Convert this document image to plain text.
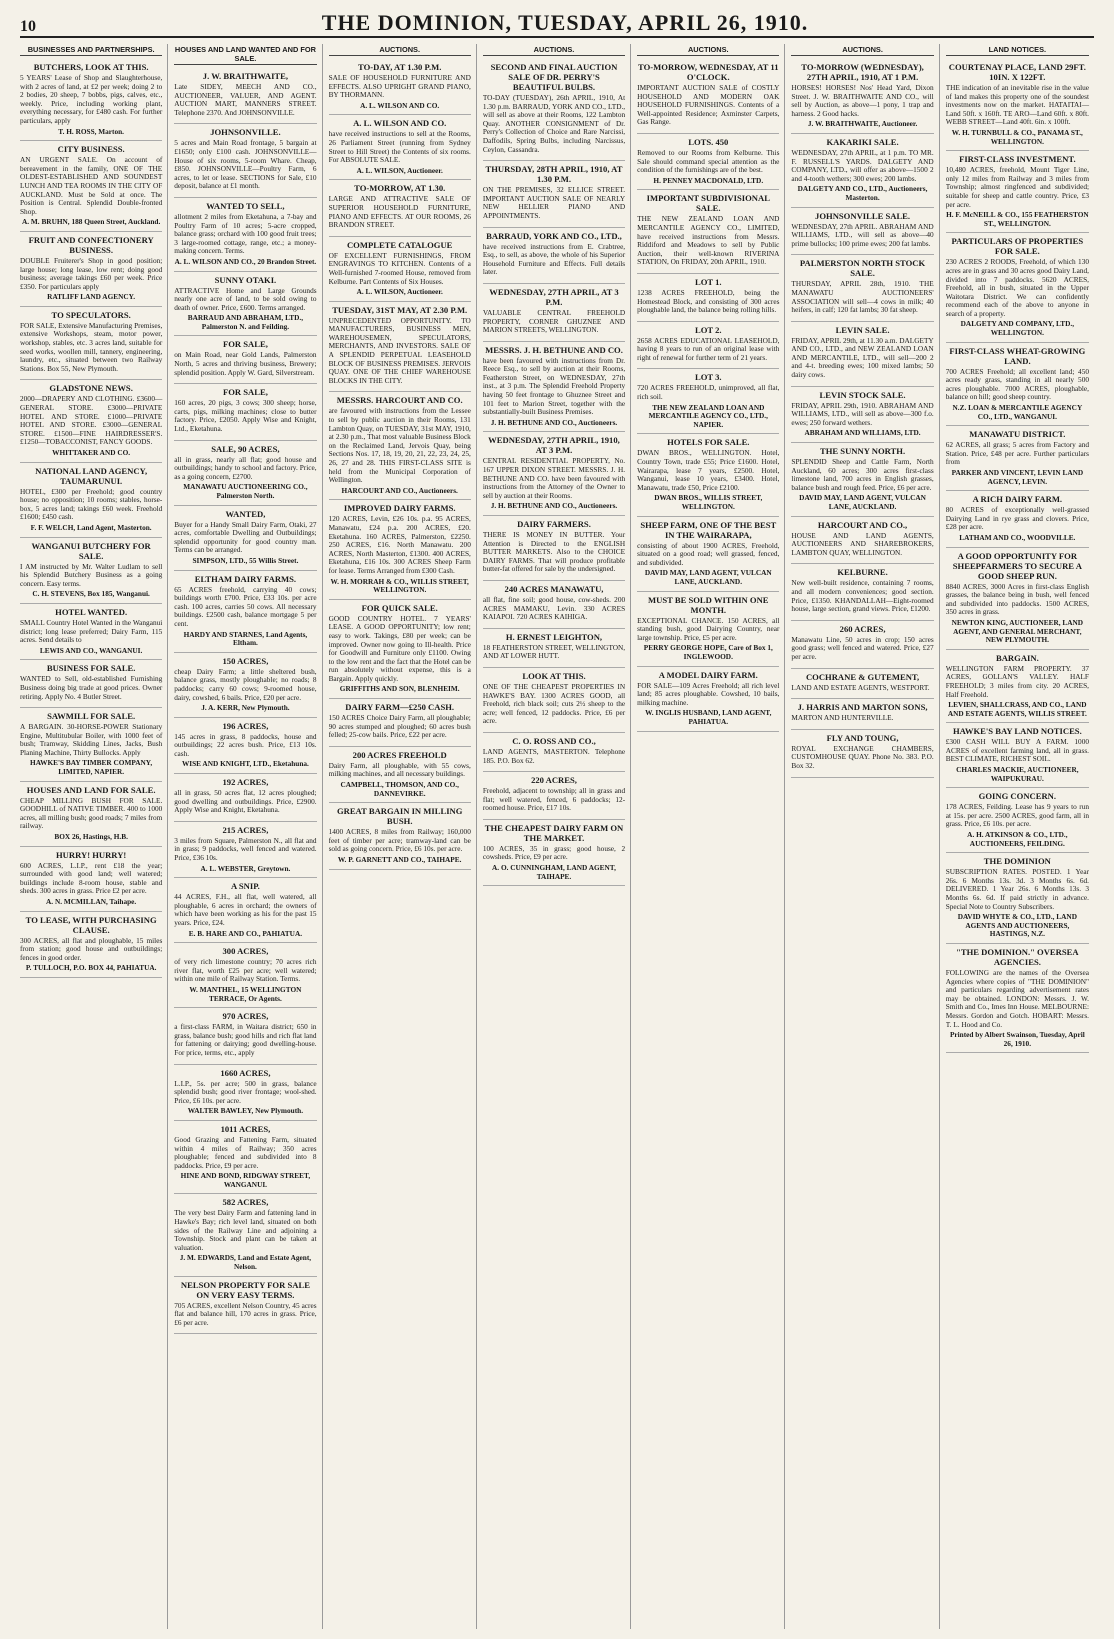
10	THE DOMINION, TUESDAY, APRIL 26, 1910.
BUSINESSES AND PARTNERSHIPS.
BUTCHERS, LOOK AT THIS.

5 YEARS' Lease of Shop and Slaughterhouse, with 2 acres of land, at £2 per week; doing 2 to 2 bodies, 20 sheep, 7 bobbs, pigs, calves, etc., weekly. Price, including working plant, everything necessary, for £480 cash. For further particulars, apply

T. H. ROSS, Marton.
CITY BUSINESS.

AN URGENT SALE. On account of bereavement in the family, ONE OF THE OLDEST-ESTABLISHED AND SOUNDEST LUNCH AND TEA ROOMS IN THE CITY OF AUCKLAND. Must be Sold at once. The Position is Central. Splendid Double-fronted Shop.

A. M. BRUHN, 188 Queen Street, Auckland.
FRUIT AND CONFECTIONERY BUSINESS.

DOUBLE Fruiterer's Shop in good position; large house; long lease, low rent; doing good business; average takings £60 per week. Price £350. For particulars apply

RATLIFF LAND AGENCY.
TO SPECULATORS.

FOR SALE, Extensive Manufacturing Premises, extensive Workshops, steam, motor power, workshop, stables, etc. 3 acres land, suitable for seed works, woollen mill, tannery, engineering, laundry, etc., situated between two Railway Stations. Box 55, New Plymouth.

GLADSTONE NEWS.

2000—DRAPERY AND CLOTHING. £3600—GENERAL STORE. £3000—PRIVATE HOTEL AND STORE. £1000—PRIVATE HOTEL AND STORE. £3000—GENERAL STORE. £1500—FINE HAIRDRESSER'S. £1250—TOBACCONIST, FANCY GOODS.

WHITTAKER AND CO.
NATIONAL LAND AGENCY, TAUMARUNUI.

HOTEL, £300 per Freehold; good country house; no opposition; 10 rooms; stables, horse-box, 5 acres land; takings £60 week. Freehold £1600; £450 cash.

F. F. WELCH, Land Agent, Masterton.
WANGANUI BUTCHERY FOR SALE.

I AM instructed by Mr. Walter Ludlam to sell his Splendid Butchery Business as a going concern. Easy terms.

C. H. STEVENS, Box 185, Wanganui.
HOTEL WANTED.

SMALL Country Hotel Wanted in the Wanganui district; long lease preferred; Dairy Farm, 115 acres. Send details to

LEWIS AND CO., WANGANUI.
BUSINESS FOR SALE.

WANTED to Sell, old-established Furnishing Business doing big trade at good prices. Owner retiring. Apply No. 4 Butler Street.

SAWMILL FOR SALE.

A BARGAIN. 30-HORSE-POWER Stationary Engine, Multitubular Boiler, with 1000 feet of bush; Tramway, Skidding Lines, Jacks, Bush Planing Machine, Thirty Bullocks. Apply

HAWKE'S BAY TIMBER COMPANY, LIMITED, NAPIER.
HOUSES AND LAND FOR SALE.

CHEAP MILLING BUSH FOR SALE. GOODHILL of NATIVE TIMBER. 400 to 1000 acres, all milling bush; good roads; 7 miles from railway.

BOX 26, Hastings, H.B.
HURRY! HURRY!

600 ACRES, L.I.P., rent £18 the year; surrounded with good land; well watered; buildings include 8-room house, stable and sheds. 300 acres in grass. Price £2 per acre.

A. N. MCMILLAN, Taihape.
TO LEASE, WITH PURCHASING CLAUSE.

300 ACRES, all flat and ploughable, 15 miles from station; good house and outbuildings; fences in good order.

P. TULLOCH, P.O. BOX 44, PAHIATUA.
HOUSES AND LAND WANTED AND FOR SALE.
J. W. BRAITHWAITE,

Late SIDEY, MEECH AND CO., AUCTIONEER, VALUER, AND AGENT. AUCTION MART, MANNERS STREET. Telephone 2370. And JOHNSONVILLE.

JOHNSONVILLE.

5 acres and Main Road frontage, 5 bargain at £1650; only £100 cash. JOHNSONVILLE—House of six rooms, 5-room Whare. Cheap, £850. JOHNSONVILLE—Poultry Farm, 6 acres, to let or lease. SECTIONS for Sale, £10 deposit, balance at £1 month.

WANTED TO SELL,

allotment 2 miles from Eketahuna, a 7-bay and Poultry Farm of 10 acres; 5-acre cropped, balance grass; orchard with 100 good fruit trees; 3 large-roomed cottage, range, etc.; a money-making concern. Terms.

A. L. WILSON AND CO., 20 Brandon Street.
SUNNY OTAKI.

ATTRACTIVE Home and Large Grounds nearly one acre of land, to be sold owing to death of owner. Price, £600. Terms arranged.

BARRAUD AND ABRAHAM, LTD., Palmerston N. and Feilding.
FOR SALE,

on Main Road, near Gold Lands, Palmerston North, 5 acres and thriving business, Brewery; splendid position. Apply W. Gard, Silverstream.

FOR SALE,

160 acres, 20 pigs, 3 cows; 300 sheep; horse, carts, pigs, milking machines; close to butter factory. Price, £2050. Apply Wise and Knight, Ltd., Eketahuna.

SALE, 90 ACRES,

all in grass, nearly all flat; good house and outbuildings; handy to school and factory. Price, as a going concern, £2700.

MANAWATU AUCTIONEERING CO., Palmerston North.
WANTED,

Buyer for a Handy Small Dairy Farm, Otaki, 27 acres, comfortable Dwelling and Outbuildings; splendid opportunity for good country man. Terms can be arranged.

SIMPSON, LTD., 55 Willis Street.
ELTHAM DAIRY FARMS.

65 ACRES freehold, carrying 40 cows; buildings worth £700. Price, £33 10s. per acre cash. 100 acres, carries 50 cows. All necessary buildings. £2500 cash, balance mortgage 5 per cent.

HARDY AND STARNES, Land Agents, Eltham.
150 ACRES,

cheap Dairy Farm; a little sheltered bush, balance grass, mostly ploughable; no roads; 8 paddocks; carry 60 cows; 9-roomed house, dairy, cowshed, 6 bails. Price, £20 per acre.

J. A. KERR, New Plymouth.
196 ACRES,

145 acres in grass, 8 paddocks, house and outbuildings; 22 acres bush. Price, £13 10s. cash.

WISE AND KNIGHT, LTD., Eketahuna.
192 ACRES,

all in grass, 50 acres flat, 12 acres ploughed; good dwelling and outbuildings. Price, £2900. Apply Wise and Knight, Eketahuna.

215 ACRES,

3 miles from Square, Palmerston N., all flat and in grass; 9 paddocks, well fenced and watered. Price, £36 10s.

A. L. WEBSTER, Greytown.
A SNIP.

44 ACRES, F.H., all flat, well watered, all ploughable, 6 acres in orchard; the owners of which have been working as his for the past 15 years. Price, £24.

E. B. HARE AND CO., PAHIATUA.
300 ACRES,

of very rich limestone country; 70 acres rich river flat, worth £25 per acre; well watered; within one mile of Railway Station. Terms.

W. MANTHEL, 15 WELLINGTON TERRACE, Or Agents.
970 ACRES,

a first-class FARM, in Waitara district; 650 in grass, balance bush; good hills and rich flat land for fattening or dairying; good dwelling-house. For price, terms, etc., apply

1660 ACRES,

L.I.P., 5s. per acre; 500 in grass, balance splendid bush; good river frontage; wool-shed. Price, £6 10s. per acre.

WALTER BAWLEY, New Plymouth.
1011 ACRES,

Good Grazing and Fattening Farm, situated within 4 miles of Railway; 350 acres ploughable; fenced and subdivided into 8 paddocks. Price, £9 per acre.

HINE AND BOND, RIDGWAY STREET, WANGANUI.
582 ACRES,

The very best Dairy Farm and fattening land in Hawke's Bay; rich level land, situated on both sides of the Railway Line and adjoining a Township. Stock and plant can be taken at valuation.

J. M. EDWARDS, Land and Estate Agent, Nelson.
NELSON PROPERTY FOR SALE ON VERY EASY TERMS.

705 ACRES, excellent Nelson Country, 45 acres flat and balance hill, 170 acres in grass. Price, £6 per acre.

AUCTIONS.
TO-DAY, AT 1.30 P.M.

SALE OF HOUSEHOLD FURNITURE AND EFFECTS. ALSO UPRIGHT GRAND PIANO, BY THORMANN.

A. L. WILSON AND CO.
A. L. WILSON AND CO.

have received instructions to sell at the Rooms, 26 Parliament Street (running from Sydney Street to Hill Street) the Contents of six rooms. For ABSOLUTE SALE.

A. L. WILSON, Auctioneer.
TO-MORROW, AT 1.30.

LARGE AND ATTRACTIVE SALE OF SUPERIOR HOUSEHOLD FURNITURE, PIANO AND EFFECTS. AT OUR ROOMS, 26 BRANDON STREET.

COMPLETE CATALOGUE

OF EXCELLENT FURNISHINGS, FROM ENGRAVINGS TO KITCHEN. Contents of a Well-furnished 7-roomed House, removed from Kelburne. Part Contents of Six Houses.

A. L. WILSON, Auctioneer.
TUESDAY, 31ST MAY, AT 2.30 P.M.

UNPRECEDENTED OPPORTUNITY. TO MANUFACTURERS, BUSINESS MEN, WAREHOUSEMEN, SPECULATORS, MERCHANTS, AND INVESTORS. SALE OF A SPLENDID PERPETUAL LEASEHOLD BLOCK OF BUSINESS PREMISES. JERVOIS QUAY. ONE OF THE CHIEF WAREHOUSE BLOCKS IN THE CITY.

MESSRS. HARCOURT AND CO.

are favoured with instructions from the Lessee to sell by public auction in their Rooms, 131 Lambton Quay, on TUESDAY, 31st MAY, 1910, at 2.30 p.m., That most valuable Business Block on the Reclaimed Land, Jervois Quay, being Sections Nos. 17, 18, 19, 20, 21, 22, 23, 24, 25, 26, 27 and 28. THIS FIRST-CLASS SITE is held from the Municipal Corporation of Wellington.

HARCOURT AND CO., Auctioneers.
IMPROVED DAIRY FARMS.

120 ACRES, Levin, £26 10s. p.a. 95 ACRES, Manawatu, £24 p.a. 200 ACRES, £20. Eketahuna. 160 ACRES, Palmerston, £2250. 250 ACRES, £16. North Manawatu. 200 ACRES, North Masterton, £1300. 400 ACRES, Eketahuna, £16 10s. 300 ACRES Sheep Farm for lease. Terms Arranged from £300 Cash.

W. H. MORRAH & CO., WILLIS STREET, WELLINGTON.
FOR QUICK SALE.

GOOD COUNTRY HOTEL. 7 YEARS' LEASE. A GOOD OPPORTUNITY; low rent; easy to work. Takings, £80 per week; can be improved. Owner now going to Ill-health. Price for Goodwill and Furniture only £1100. Owing to the low rent and the fact that the Hotel can be run absolutely without expense, this is a Bargain. Apply quickly.

GRIFFITHS AND SON, BLENHEIM.
DAIRY FARM—£250 CASH.

150 ACRES Choice Dairy Farm, all ploughable; 90 acres stumped and ploughed; 60 acres bush felled; 25-cow bails. Price, £22 per acre.

200 ACRES FREEHOLD

Dairy Farm, all ploughable, with 55 cows, milking machines, and all necessary buildings.

CAMPBELL, THOMSON, AND CO., DANNEVIRKE.
GREAT BARGAIN IN MILLING BUSH.

1400 ACRES, 8 miles from Railway; 160,000 feet of timber per acre; tramway-land can be sold as going concern. Price, £6 10s. per acre.

W. P. GARNETT AND CO., TAIHAPE.
AUCTIONS.
SECOND AND FINAL AUCTION SALE OF DR. PERRY'S BEAUTIFUL BULBS.

TO-DAY (TUESDAY), 26th APRIL, 1910, At 1.30 p.m. BARRAUD, YORK AND CO., LTD., will sell as above at their Rooms, 122 Lambton Quay. ANOTHER CONSIGNMENT of Dr. Perry's Collection of Choice and Rare Narcissi, Daffodils, Spring Bulbs, including Narcissus, Ceylon, Cassandra.

THURSDAY, 28TH APRIL, 1910, AT 1.30 P.M.

ON THE PREMISES, 32 ELLICE STREET. IMPORTANT AUCTION SALE OF NEARLY NEW HELLIER PIANO AND APPOINTMENTS.

BARRAUD, YORK AND CO., LTD.,

have received instructions from E. Crabtree, Esq., to sell, as above, the whole of his Superior Household Furniture and Effects. Full details later.

WEDNESDAY, 27TH APRIL, AT 3 P.M.

VALUABLE CENTRAL FREEHOLD PROPERTY, CORNER GHUZNEE AND MARION STREETS, WELLINGTON.

MESSRS. J. H. BETHUNE AND CO.

have been favoured with instructions from Dr. Reece Esq., to sell by auction at their Rooms, Featherston Street, on WEDNESDAY, 27th inst., at 3 p.m. The Splendid Freehold Property having 50 feet frontage to Ghuznee Street and 101 feet to Marion Street, together with the substantially-built Business Premises.

J. H. BETHUNE AND CO., Auctioneers.
WEDNESDAY, 27TH APRIL, 1910, AT 3 P.M.

CENTRAL RESIDENTIAL PROPERTY, No. 167 UPPER DIXON STREET. MESSRS. J. H. BETHUNE AND CO. have been favoured with instructions from the Attorney of the Owner to sell by auction at their Rooms.

J. H. BETHUNE AND CO., Auctioneers.
DAIRY FARMERS.

THERE IS MONEY IN BUTTER. Your Attention is Directed to the ENGLISH BUTTER MARKETS. Also to the CHOICE DAIRY FARMS. That will produce profitable butter-fat offered for sale by the undersigned.

240 ACRES MANAWATU,

all flat, fine soil; good house, cow-sheds. 200 ACRES MAMAKU, Levin. 330 ACRES KAIAPOI. 720 ACRES KAIHIGA.

H. ERNEST LEIGHTON,

18 FEATHERSTON STREET, WELLINGTON, AND AT LOWER HUTT.

LOOK AT THIS.

ONE OF THE CHEAPEST PROPERTIES IN HAWKE'S BAY. 1300 ACRES GOOD, all Freehold, rich black soil; cuts 2½ sheep to the acre; well fenced, 12 paddocks. Price, £6 per acre.

C. O. ROSS AND CO.,

LAND AGENTS, MASTERTON. Telephone 185. P.O. Box 62.

220 ACRES,

Freehold, adjacent to township; all in grass and flat; well watered, fenced, 6 paddocks; 12-roomed house. Price, £17 10s.

THE CHEAPEST DAIRY FARM ON THE MARKET.

100 ACRES, 35 in grass; good house, 2 cowsheds. Price, £9 per acre.

A. O. CUNNINGHAM, LAND AGENT, TAIHAPE.
AUCTIONS.
TO-MORROW, WEDNESDAY, AT 11 O'CLOCK.

IMPORTANT AUCTION SALE of COSTLY HOUSEHOLD AND MODERN OAK HOUSEHOLD FURNISHINGS. Contents of a Well-appointed Residence; Axminster Carpets, Gas Range.

LOTS. 450

Removed to our Rooms from Kelburne. This Sale should command special attention as the condition of the furnishings are of the best.

H. PENNEY MACDONALD, LTD.
IMPORTANT SUBDIVISIONAL SALE.

THE NEW ZEALAND LOAN AND MERCANTILE AGENCY CO., LIMITED, have received instructions from Messrs. Riddiford and Meadows to sell by Public Auction, their well-known RIVERINA STATION, On FRIDAY, 20th APRIL, 1910.

LOT 1.

1238 ACRES FREEHOLD, being the Homestead Block, and consisting of 300 acres ploughable land, the balance being rolling hills.

LOT 2.

2658 ACRES EDUCATIONAL LEASEHOLD, having 8 years to run of an original lease with right of renewal for further term of 21 years.

LOT 3.

720 ACRES FREEHOLD, unimproved, all flat, rich soil.

THE NEW ZEALAND LOAN AND MERCANTILE AGENCY CO., LTD., NAPIER.
HOTELS FOR SALE.

DWAN BROS., WELLINGTON. Hotel, Country Town, trade £55; Price £1600. Hotel, Wairarapa, lease 7 years, £2500. Hotel, Wanganui, lease 10 years, £3400. Hotel, Manawatu, trade £50, Price £2100.

DWAN BROS., WILLIS STREET, WELLINGTON.
SHEEP FARM, ONE OF THE BEST IN THE WAIRARAPA,

consisting of about 1900 ACRES, Freehold, situated on a good road; well grassed, fenced, and subdivided.

DAVID MAY, LAND AGENT, VULCAN LANE, AUCKLAND.
MUST BE SOLD WITHIN ONE MONTH.

EXCEPTIONAL CHANCE. 150 ACRES, all standing bush, good Dairying Country, near large township. Price, £5 per acre.

PERRY GEORGE HOPE, Care of Box 1, INGLEWOOD.
A MODEL DAIRY FARM.

FOR SALE—109 Acres Freehold; all rich level land; 85 acres ploughable. Cowshed, 10 bails, milking machine.

W. INGLIS HUSBAND, LAND AGENT, PAHIATUA.
AUCTIONS.
TO-MORROW (WEDNESDAY), 27TH APRIL, 1910, AT 1 P.M.

HORSES! HORSES! Nos' Head Yard, Dixon Street. J. W. BRAITHWAITE AND CO., will sell by Auction, as above—1 pony, 1 trap and harness. 2 Good hacks.

J. W. BRAITHWAITE, Auctioneer.
KAKARIKI SALE.

WEDNESDAY, 27th APRIL, at 1 p.m. TO MR. F. RUSSELL'S YARDS. DALGETY AND COMPANY, LTD., will offer as above—1500 2 and 4-tooth wethers; 300 ewes; 200 lambs.

DALGETY AND CO., LTD., Auctioneers, Masterton.
JOHNSONVILLE SALE.

WEDNESDAY, 27th APRIL. ABRAHAM AND WILLIAMS, LTD., will sell as above—40 prime bullocks; 100 prime ewes; 200 fat lambs.

PALMERSTON NORTH STOCK SALE.

THURSDAY, APRIL 28th, 1910. THE MANAWATU AUCTIONEERS' ASSOCIATION will sell—4 cows in milk; 40 heifers, in calf; 120 fat lambs; 30 fat sheep.

LEVIN SALE.

FRIDAY, APRIL 29th, at 11.30 a.m. DALGETY AND CO., LTD., and NEW ZEALAND LOAN AND MERCANTILE, LTD., will sell—200 2 and 4-t. breeding ewes; 100 mixed lambs; 50 dairy cows.

LEVIN STOCK SALE.

FRIDAY, APRIL 29th, 1910. ABRAHAM AND WILLIAMS, LTD., will sell as above—300 f.o. ewes; 250 forward wethers.

ABRAHAM AND WILLIAMS, LTD.
THE SUNNY NORTH.

SPLENDID Sheep and Cattle Farm, North Auckland, 60 acres; 300 acres first-class limestone land, 700 acres in English grasses, balance bush and rough feed. Price, £6 per acre.

DAVID MAY, LAND AGENT, VULCAN LANE, AUCKLAND.
HARCOURT AND CO.,

HOUSE AND LAND AGENTS, AUCTIONEERS AND SHAREBROKERS, LAMBTON QUAY, WELLINGTON.

KELBURNE.

New well-built residence, containing 7 rooms, and all modern conveniences; good section. Price, £1350. KHANDALLAH—Eight-roomed house, large section, grand views. Price, £1200.

260 ACRES,

Manawatu Line, 50 acres in crop; 150 acres good grass; well fenced and watered. Price, £27 per acre.

COCHRANE & GUTEMENT,

LAND AND ESTATE AGENTS, WESTPORT.

J. HARRIS AND MARTON SONS,

MARTON AND HUNTERVILLE.

FLY AND TOUNG,

ROYAL EXCHANGE CHAMBERS, CUSTOMHOUSE QUAY. Phone No. 383. P.O. Box 32.

LAND NOTICES.
COURTENAY PLACE, LAND 29FT. 10IN. X 122FT.

THE indication of an inevitable rise in the value of land makes this property one of the soundest investments now on the market. HATAITAI—Land 50ft. x 160ft. TE ARO—Land 60ft. x 80ft. WEBB STREET—Land 40ft. 6in. x 100ft.

W. H. TURNBULL & CO., PANAMA ST., WELLINGTON.
FIRST-CLASS INVESTMENT.

10,480 ACRES, freehold, Mount Tiger Line, only 12 miles from Railway and 3 miles from Township; almost ringfenced and subdivided; suitable for sheep and cattle country. Price, £3 per acre.

H. F. McNEILL & CO., 155 FEATHERSTON ST., WELLINGTON.
PARTICULARS OF PROPERTIES FOR SALE.

230 ACRES 2 ROODS, Freehold, of which 130 acres are in grass and 30 acres good Dairy Land, divided into 7 paddocks. 5620 ACRES, Freehold, all in bush, situated in the Upper Waitotara District. We can confidently recommend each of the above to anyone in search of a property.

DALGETY AND COMPANY, LTD., WELLINGTON.
FIRST-CLASS WHEAT-GROWING LAND.

700 ACRES Freehold; all excellent land; 450 acres ready grass, standing in all nearly 500 acres ploughable. 7000 ACRES, ploughable, balance on hill; good sheep country.

N.Z. LOAN & MERCANTILE AGENCY CO., LTD., WANGANUI.
MANAWATU DISTRICT.

62 ACRES, all grass; 5 acres from Factory and Station. Price, £48 per acre. Further particulars from

PARKER AND VINCENT, LEVIN LAND AGENCY, LEVIN.
A RICH DAIRY FARM.

80 ACRES of exceptionally well-grassed Dairying Land in rye grass and clovers. Price, £28 per acre.

LATHAM AND CO., WOODVILLE.
A GOOD OPPORTUNITY FOR SHEEPFARMERS TO SECURE A GOOD SHEEP RUN.

8840 ACRES, 3000 Acres in first-class English grasses, the balance being in bush, well fenced and subdivided into paddocks. 1500 ACRES, 350 acres in grass.

NEWTON KING, AUCTIONEER, LAND AGENT, AND GENERAL MERCHANT, NEW PLYMOUTH.
BARGAIN.

WELLINGTON FARM PROPERTY. 37 ACRES, GOLLAN'S VALLEY. HALF FREEHOLD; 3 miles from city. 20 ACRES, Half Freehold.

LEVIEN, SHALLCRASS, AND CO., LAND AND ESTATE AGENTS, WILLIS STREET.
HAWKE'S BAY LAND NOTICES.

£300 CASH WILL BUY A FARM. 1000 ACRES of excellent farming land, all in grass. BEST CLIMATE, RICHEST SOIL.

CHARLES MACKIE, AUCTIONEER, WAIPUKURAU.
GOING CONCERN.

178 ACRES, Feilding. Lease has 9 years to run at 15s. per acre. 2500 ACRES, good farm, all in grass. Price, £6 10s. per acre.

A. H. ATKINSON & CO., LTD., AUCTIONEERS, FEILDING.
THE DOMINION

SUBSCRIPTION RATES. POSTED. 1 Year 26s. 6 Months 13s. 3d. 3 Months 6s. 6d. DELIVERED. 1 Year 26s. 6 Months 13s. 3 Months 6s. 6d. If paid strictly in advance. Special Note to Country Subscribers.

DAVID WHYTE & CO., LTD., LAND AGENTS AND AUCTIONEERS, HASTINGS, N.Z.
"THE DOMINION." OVERSEA AGENCIES.

FOLLOWING are the names of the Oversea Agencies where copies of "THE DOMINION" and particulars regarding advertisement rates may be obtained. LONDON: Messrs. J. W. Smith and Co., Imes Inn House. MELBOURNE: Messrs. Gordon and Gotch. HOBART: Messrs. T. L. Hood and Co.

Printed by Albert Swainson, Tuesday, April 26, 1910.
